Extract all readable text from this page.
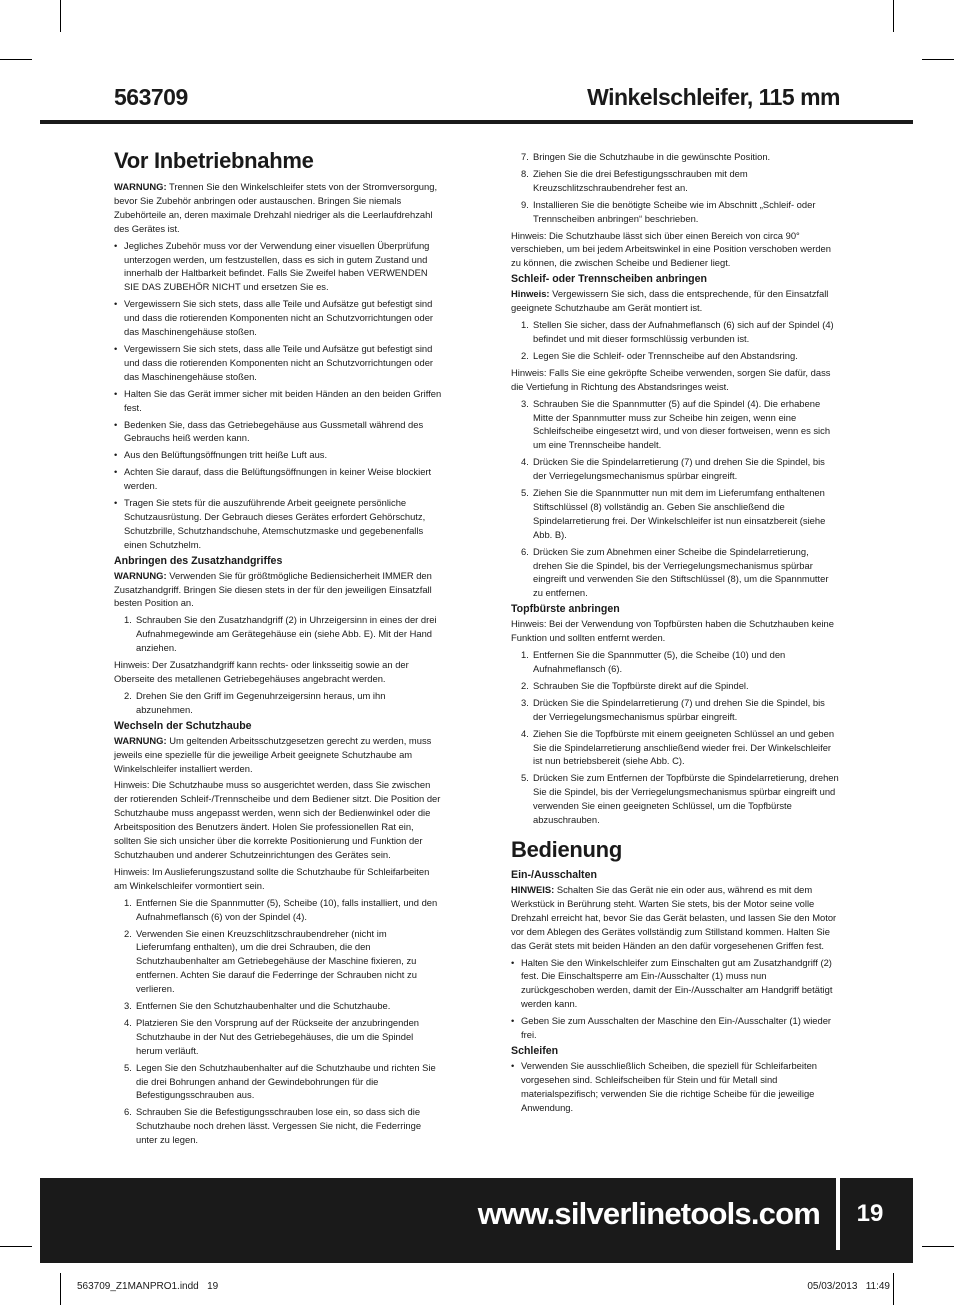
563709	Winkelschleifer, 115 mm
Vor Inbetriebnahme

WARNUNG: Trennen Sie den Winkelschleifer stets von der Stromversorgung, bevor Sie Zubehör anbringen oder austauschen. Bringen Sie niemals Zubehörteile an, deren maximale Drehzahl niedriger als die Leerlaufdrehzahl des Gerätes ist.

• Jegliches Zubehör muss vor der Verwendung einer visuellen Überprüfung unterzogen werden, um festzustellen, dass es sich in gutem Zustand und innerhalb der Haltbarkeit befindet. Falls Sie Zweifel haben VERWENDEN SIE DAS ZUBEHÖR NICHT und ersetzen Sie es.
• Vergewissern Sie sich stets, dass alle Teile und Aufsätze gut befestigt sind und dass die rotierenden Komponenten nicht an Schutzvorrichtungen oder das Maschinengehäuse stoßen.
• Vergewissern Sie sich stets, dass alle Teile und Aufsätze gut befestigt sind und dass die rotierenden Komponenten nicht an Schutzvorrichtungen oder das Maschinengehäuse stoßen.
• Halten Sie das Gerät immer sicher mit beiden Händen an den beiden Griffen fest.
• Bedenken Sie, dass das Getriebegehäuse aus Gussmetall während des Gebrauchs heiß werden kann.
• Aus den Belüftungsöffnungen tritt heiße Luft aus.
• Achten Sie darauf, dass die Belüftungsöffnungen in keiner Weise blockiert werden.
• Tragen Sie stets für die auszuführende Arbeit geeignete persönliche Schutzausrüstung. Der Gebrauch dieses Gerätes erfordert Gehörschutz, Schutzbrille, Schutzhandschuhe, Atemschutzmaske und gegebenenfalls einen Schutzhelm.
Anbringen des Zusatzhandgriffes

WARNUNG: Verwenden Sie für größtmögliche Bediensicherheit IMMER den Zusatzhandgriff. Bringen Sie diesen stets in der für den jeweiligen Einsatzfall besten Position an.

1. Schrauben Sie den Zusatzhandgriff (2) in Uhrzeigersinn in eines der drei Aufnahmegewinde am Gerätegehäuse ein (siehe Abb. E). Mit der Hand anziehen.

Hinweis: Der Zusatzhandgriff kann rechts- oder linksseitig sowie an der Oberseite des metallenen Getriebegehäuses angebracht werden.

2. Drehen Sie den Griff im Gegenuhrzeigersinn heraus, um ihn abzunehmen.
Wechseln der Schutzhaube

WARNUNG: Um geltenden Arbeitsschutzgesetzen gerecht zu werden, muss jeweils eine spezielle für die jeweilige Arbeit geeignete Schutzhaube am Winkelschleifer installiert werden.

Hinweis: Die Schutzhaube muss so ausgerichtet werden, dass Sie zwischen der rotierenden Schleif-/Trennscheibe und dem Bediener sitzt. Die Position der Schutzhaube muss angepasst werden, wenn sich der Bedienwinkel oder die Arbeitsposition des Benutzers ändert. Holen Sie professionellen Rat ein, sollten Sie sich unsicher über die korrekte Positionierung und Funktion der Schutzhauben und anderer Schutzeinrichtungen des Gerätes sein.

Hinweis: Im Auslieferungszustand sollte die Schutzhaube für Schleifarbeiten am Winkelschleifer vormontiert sein.

1. Entfernen Sie die Spannmutter (5), Scheibe (10), falls installiert, und den Aufnahmeflansch (6) von der Spindel (4).
2. Verwenden Sie einen Kreuzschlitzschraubendreher (nicht im Lieferumfang enthalten), um die drei Schrauben, die den Schutzhaubenhalter am Getriebegehäuse der Maschine fixieren, zu entfernen. Achten Sie darauf die Federringe der Schrauben nicht zu verlieren.
3. Entfernen Sie den Schutzhaubenhalter und die Schutzhaube.
4. Platzieren Sie den Vorsprung auf der Rückseite der anzubringenden Schutzhaube in der Nut des Getriebegehäuses, die um die Spindel herum verläuft.
5. Legen Sie den Schutzhaubenhalter auf die Schutzhaube und richten Sie die drei Bohrungen anhand der Gewindebohrungen für die Befestigungsschrauben aus.
6. Schrauben Sie die Befestigungsschrauben lose ein, so dass sich die Schutzhaube noch drehen lässt. Vergessen Sie nicht, die Federringe unter zu legen.
7. Bringen Sie die Schutzhaube in die gewünschte Position.
8. Ziehen Sie die drei Befestigungsschrauben mit dem Kreuzschlitzschraubendreher fest an.
9. Installieren Sie die benötigte Scheibe wie im Abschnitt „Schleif- oder Trennscheiben anbringen“ beschrieben.

Hinweis: Die Schutzhaube lässt sich über einen Bereich von circa 90° verschieben, um bei jedem Arbeitswinkel in eine Position verschoben werden zu können, die zwischen Scheibe und Bediener liegt.

Schleif- oder Trennscheiben anbringen

Hinweis: Vergewissern Sie sich, dass die entsprechende, für den Einsatzfall geeignete Schutzhaube am Gerät montiert ist.

1. Stellen Sie sicher, dass der Aufnahmeflansch (6) sich auf der Spindel (4) befindet und mit dieser formschlüssig verbunden ist.
2. Legen Sie die Schleif- oder Trennscheibe auf den Abstandsring.

Hinweis: Falls Sie eine gekröpfte Scheibe verwenden, sorgen Sie dafür, dass die Vertiefung in Richtung des Abstandsringes weist.

3. Schrauben Sie die Spannmutter (5) auf die Spindel (4). Die erhabene Mitte der Spannmutter muss zur Scheibe hin zeigen, wenn eine Schleifscheibe eingesetzt wird, und von dieser fortweisen, wenn es sich um eine Trennscheibe handelt.
4. Drücken Sie die Spindelarretierung (7) und drehen Sie die Spindel, bis der Verriegelungsmechanismus spürbar eingreift.
5. Ziehen Sie die Spannmutter nun mit dem im Lieferumfang enthaltenen Stiftschlüssel (8) vollständig an. Geben Sie anschließend die Spindelarretierung frei. Der Winkelschleifer ist nun einsatzbereit (siehe Abb. B).
6. Drücken Sie zum Abnehmen einer Scheibe die Spindelarretierung, drehen Sie die Spindel, bis der Verriegelungsmechanismus spürbar eingreift und verwenden Sie den Stiftschlüssel (8), um die Spannmutter zu entfernen.
Topfbürste anbringen

Hinweis: Bei der Verwendung von Topfbürsten haben die Schutzhauben keine Funktion und sollten entfernt werden.

1. Entfernen Sie die Spannmutter (5), die Scheibe (10) und den Aufnahmeflansch (6).
2. Schrauben Sie die Topfbürste direkt auf die Spindel.
3. Drücken Sie die Spindelarretierung (7) und drehen Sie die Spindel, bis der Verriegelungsmechanismus spürbar eingreift.
4. Ziehen Sie die Topfbürste mit einem geeigneten Schlüssel an und geben Sie die Spindelarretierung anschließend wieder frei. Der Winkelschleifer ist nun betriebsbereit (siehe Abb. C).
5. Drücken Sie zum Entfernen der Topfbürste die Spindelarretierung, drehen Sie die Spindel, bis der Verriegelungsmechanismus spürbar eingreift und verwenden Sie einen geeigneten Schlüssel, um die Topfbürste abzuschrauben.
Bedienung
Ein-/Ausschalten

HINWEIS: Schalten Sie das Gerät nie ein oder aus, während es mit dem Werkstück in Berührung steht. Warten Sie stets, bis der Motor seine volle Drehzahl erreicht hat, bevor Sie das Gerät belasten, und lassen Sie den Motor vor dem Ablegen des Gerätes vollständig zum Stillstand kommen. Halten Sie das Gerät stets mit beiden Händen an den dafür vorgesehenen Griffen fest.

• Halten Sie den Winkelschleifer zum Einschalten gut am Zusatzhandgriff (2) fest. Die Einschaltsperre am Ein-/Ausschalter (1) muss nun zurückgeschoben werden, damit der Ein-/Ausschalter am Handgriff betätigt werden kann.
• Geben Sie zum Ausschalten der Maschine den Ein-/Ausschalter (1) wieder frei.
Schleifen
• Verwenden Sie ausschließlich Scheiben, die speziell für Schleifarbeiten vorgesehen sind. Schleifscheiben für Stein und für Metall sind materialspezifisch; verwenden Sie die richtige Scheibe für die jeweilige Anwendung.
www.silverlinetools.com	19
563709_Z1MANPRO1.indd   19	05/03/2013   11:49
